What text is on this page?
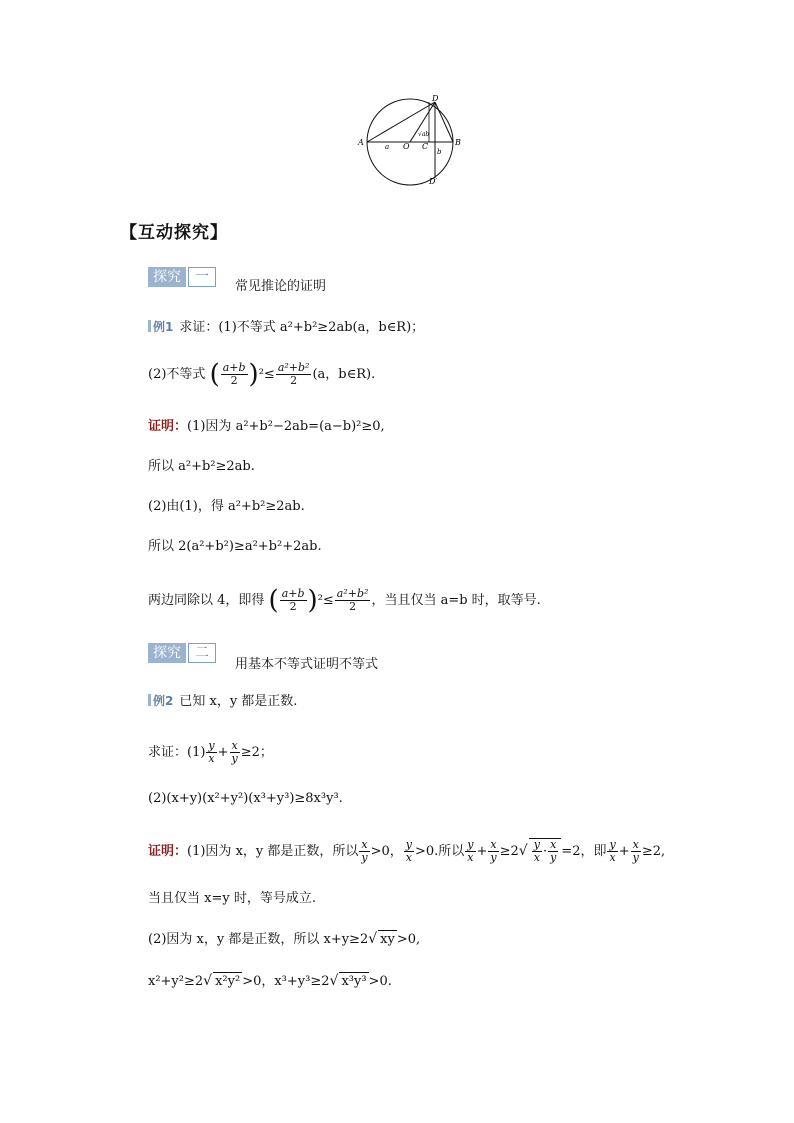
D
A	B
a O C
b
√ab
D′
【互动探究】
探究	一
常见推论的证明
例1 求证：(1)不等式 a²+b²≥2ab(a，b∈R)；
(2)不等式 ( $\frac{a+b}{2} )^2\le \frac{\text{a²+b²}}{2} (a$，b∈R).
证明：(1)因为 a²+b²−2ab=(a−b)²≥0,
所以 a²+b²≥2ab.
(2)由(1)，得 a²+b²≥2ab.
所以 2(a²+b²)≥a²+b²+2ab.
两边同除以 4，即得 ( $\frac{a+b}{2} )^2\le \frac{\text{a²+b²}}{2}$ ，当且仅当 a=b 时，取等号.
探究	二
用基本不等式证明不等式
例2 已知 x，y 都是正数.
求证：$(1) \frac{y}{x} + \frac{x}{y} \ge 2$；
(2)(x+y)(x²+y²)(x³+y³)≥8x³y³.
证明：(1)因为 x，y 都是正数，所以 $\frac{x}{y} >0$， $\frac{y}{x} >0$.所以 $\frac{y}{x} + \frac{x}{y} \ge 2√ \frac{y}{x} \cdot \frac{x}{y} =2$，即 $\frac{y}{x} + \frac{x}{y} \ge 2$,
当且仅当 x=y 时，等号成立.
(2)因为 x，y 都是正数，所以 x+y≥2√ xy >0,
x²+y²≥2√ x²y² >0，x³+y³≥2√ x³y³ >0.
